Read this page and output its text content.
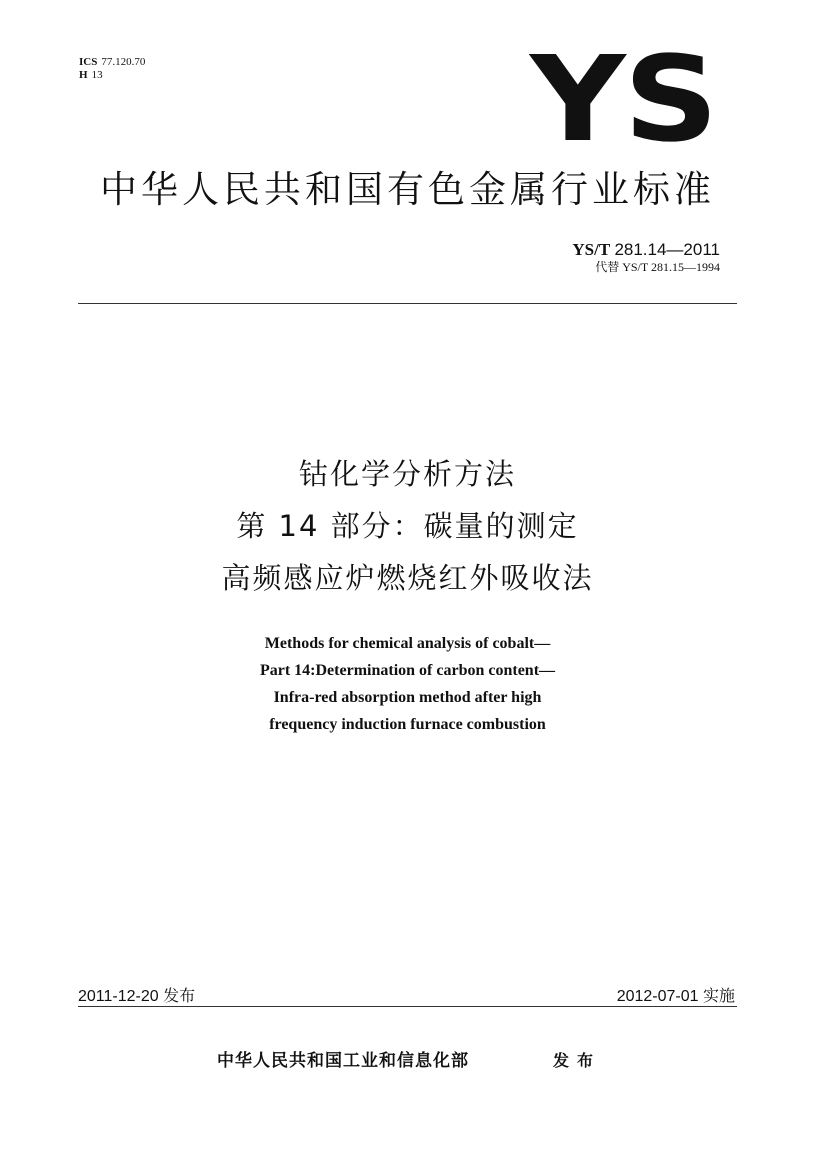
ICS 77.120.70
H 13	YS
中华人民共和国有色金属行业标准
YS/T 281.14—2011
代替 YS/T 281.15—1994
钴化学分析方法
第 14 部分：碳量的测定
高频感应炉燃烧红外吸收法
Methods for chemical analysis of cobalt—
Part 14:Determination of carbon content—
Infra-red absorption method after high
frequency induction furnace combustion
2011-12-20 发布	2012-07-01 实施
中华人民共和国工业和信息化部	发布
